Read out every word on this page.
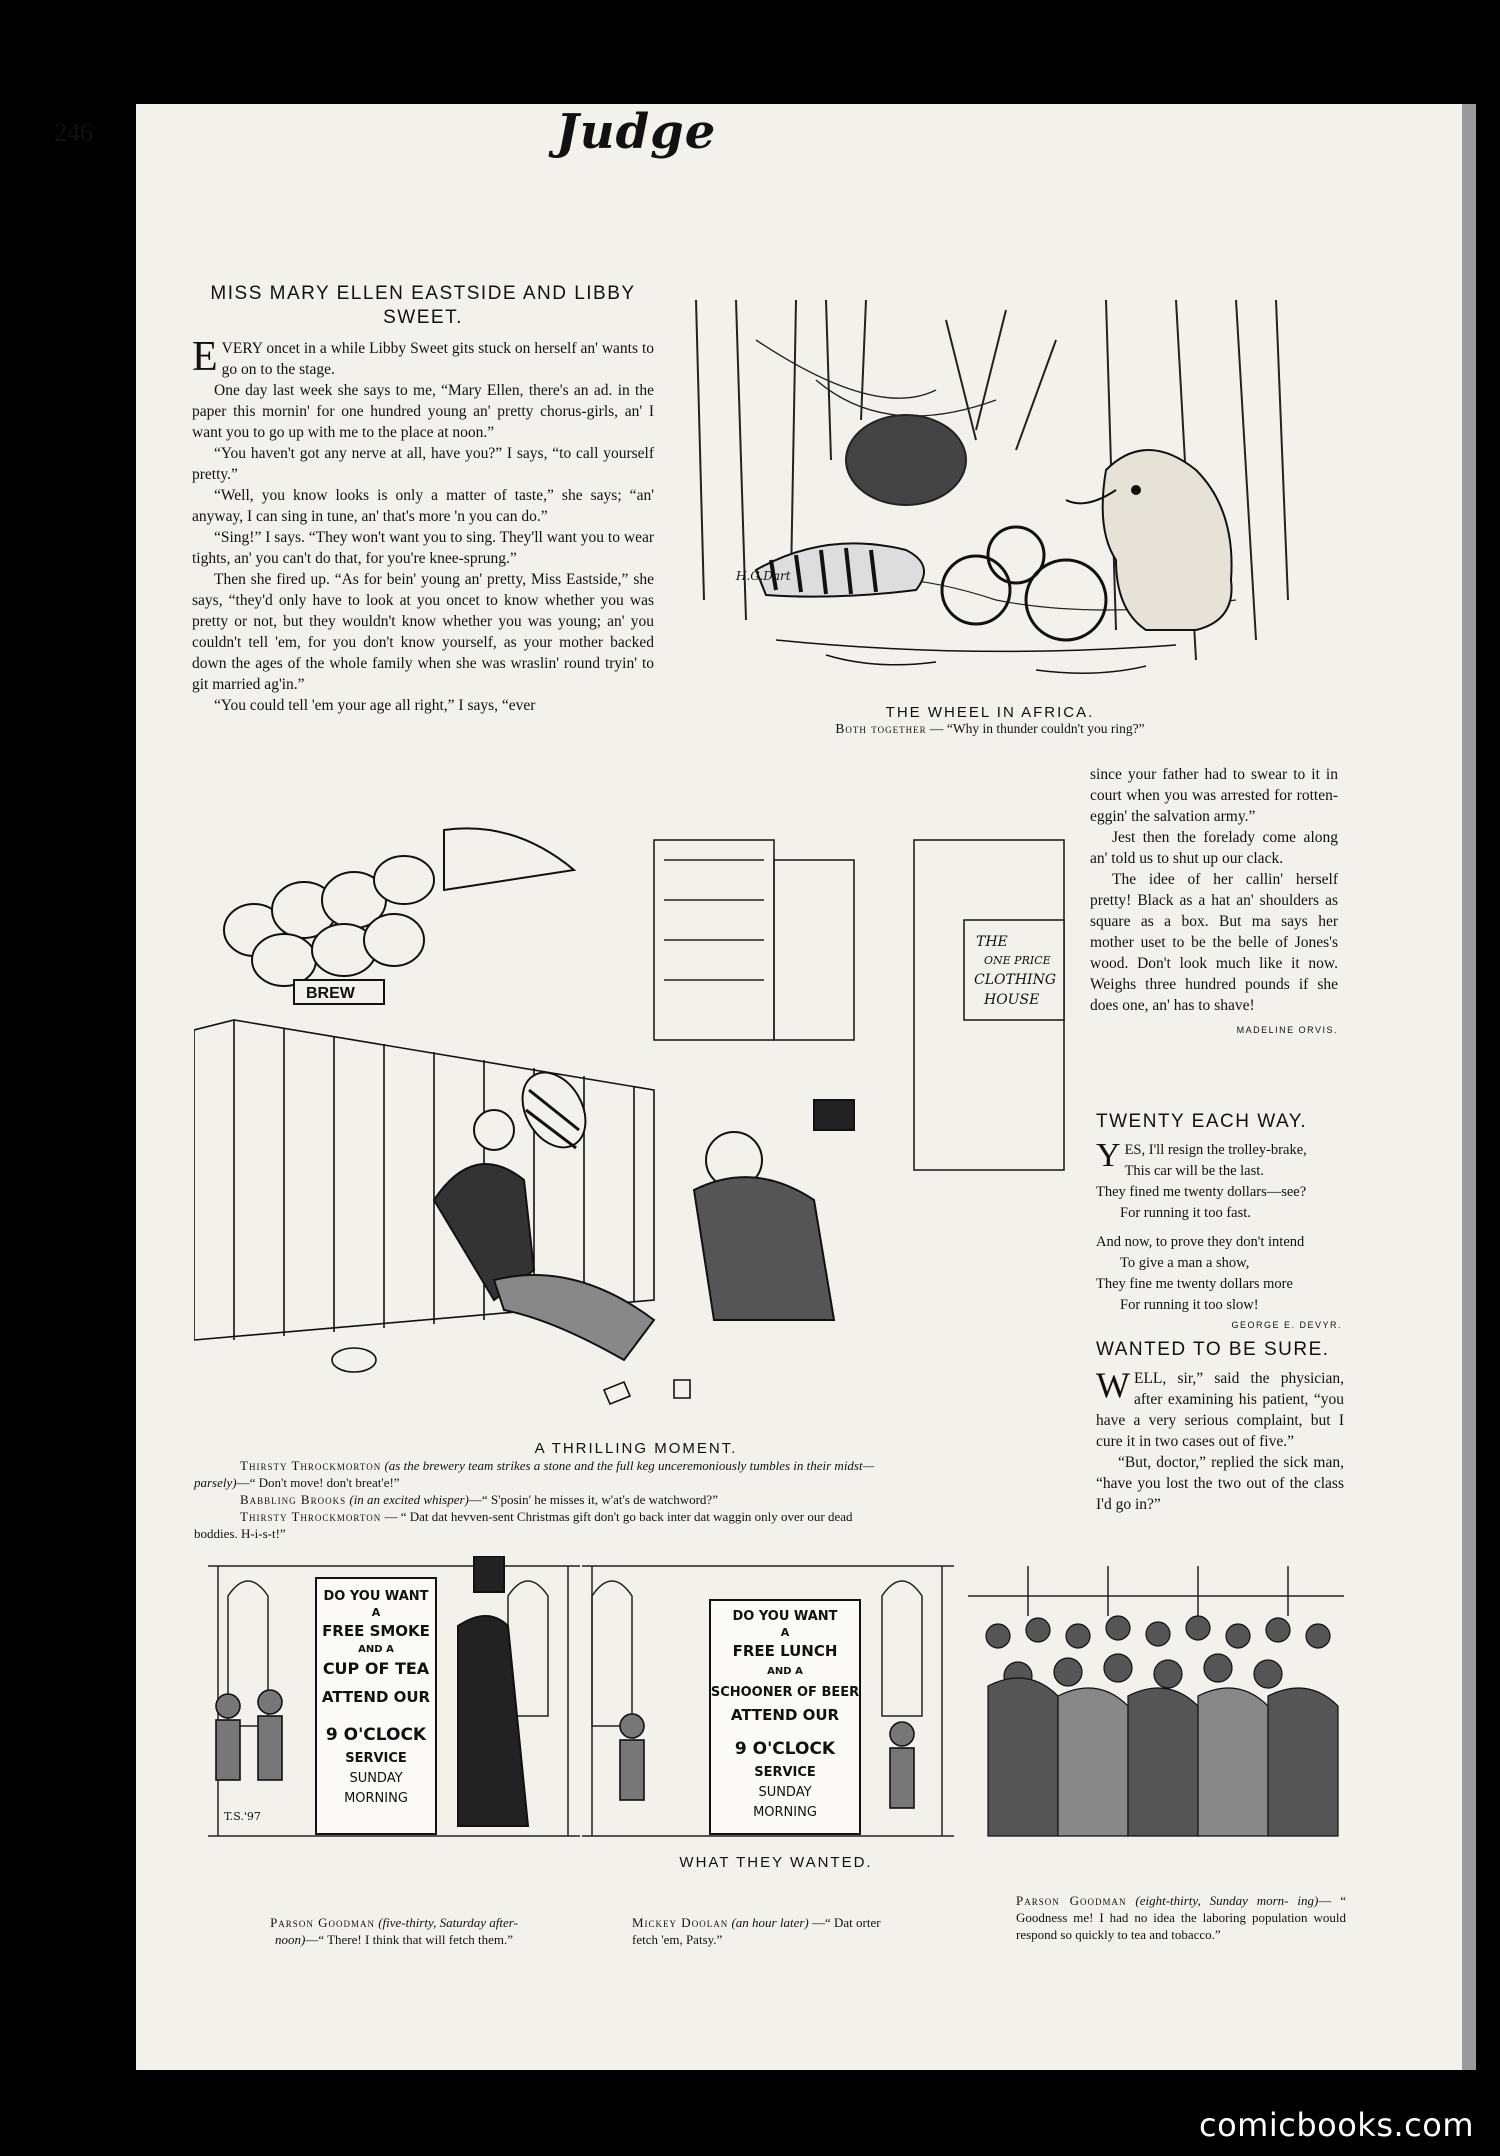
246	Judge
MISS MARY ELLEN EASTSIDE AND LIBBY SWEET.
E VERY oncet in a while Libby Sweet gits stuck on herself an' wants to go on to the stage.

One day last week she says to me, “Mary Ellen, there's an ad. in the paper this mornin' for one hundred young an' pretty chorus-girls, an' I want you to go up with me to the place at noon.”

“You haven't got any nerve at all, have you?” I says, “to call yourself pretty.”

“Well, you know looks is only a matter of taste,” she says; “an' anyway, I can sing in tune, an' that's more 'n you can do.”

“Sing!” I says. “They won't want you to sing. They'll want you to wear tights, an' you can't do that, for you're knee-sprung.”

Then she fired up. “As for bein' young an' pretty, Miss Eastside,” she says, “they'd only have to look at you oncet to know whether you was pretty or not, but they wouldn't know whether you was young; an' you couldn't tell 'em, for you don't know yourself, as your mother backed down the ages of the whole family when she was wraslin' round tryin' to git married ag'in.”

“You could tell 'em your age all right,” I says, “ever

H.G.Dart
THE WHEEL IN AFRICA.
Both together — “Why in thunder couldn't you ring?”

since your father had to swear to it in court when you was arrested for rotten-eggin' the salvation army.”

Jest then the forelady come along an' told us to shut up our clack.

The idee of her callin' herself pretty! Black as a hat an' shoulders as square as a box. But ma says her mother uset to be the belle of Jones's wood. Don't look much like it now. Weighs three hundred pounds if she does one, an' has to shave!

MADELINE ORVIS.
THE
ONE PRICE
CLOTHING
HOUSE
BREW
A THRILLING MOMENT.
Thirsty Throckmorton (as the brewery team strikes a stone and the full keg unceremoniously tumbles in their midst—
parsely)—“ Don't move! don't breat'e!”
Babbling Brooks (in an excited whisper)—“ S'posin' he misses it, w'at's de watchword?”
Thirsty Throckmorton — “ Dat dat hevven-sent Christmas gift don't go back inter dat waggin only over our dead
boddies. H-i-s-t!”
TWENTY EACH WAY.
Y ES, I'll resign the trolley-brake,
This car will be the last.
They fined me twenty dollars—see?
For running it too fast.
And now, to prove they don't intend
To give a man a show,
They fine me twenty dollars more
For running it too slow!
GEORGE E. DEVYR.
WANTED TO BE SURE.
W ELL, sir,” said the physician, after examining his patient, “you have a very serious complaint, but I cure it in two cases out of five.”

“But, doctor,” replied the sick man, “have you lost the two out of the class I'd go in?”

DO YOU WANT
A
FREE SMOKE
AND A
CUP OF TEA
ATTEND OUR
9 O'CLOCK
SERVICE
SUNDAY
MORNING
T.S.'97
DO YOU WANT
A
FREE LUNCH
AND A
SCHOONER OF BEER
ATTEND OUR
9 O'CLOCK
SERVICE
SUNDAY
MORNING
WHAT THEY WANTED.
Parson Goodman (five-thirty, Saturday after-
noon)—“ There! I think that will fetch them.”
Mickey Doolan (an hour later) —“ Dat orter
fetch 'em, Patsy.”
Parson Goodman (eight-thirty, Sunday morn- ing)— “ Goodness me! I had no idea the laboring population would respond so quickly to tea and tobacco.”
comicbooks.com
